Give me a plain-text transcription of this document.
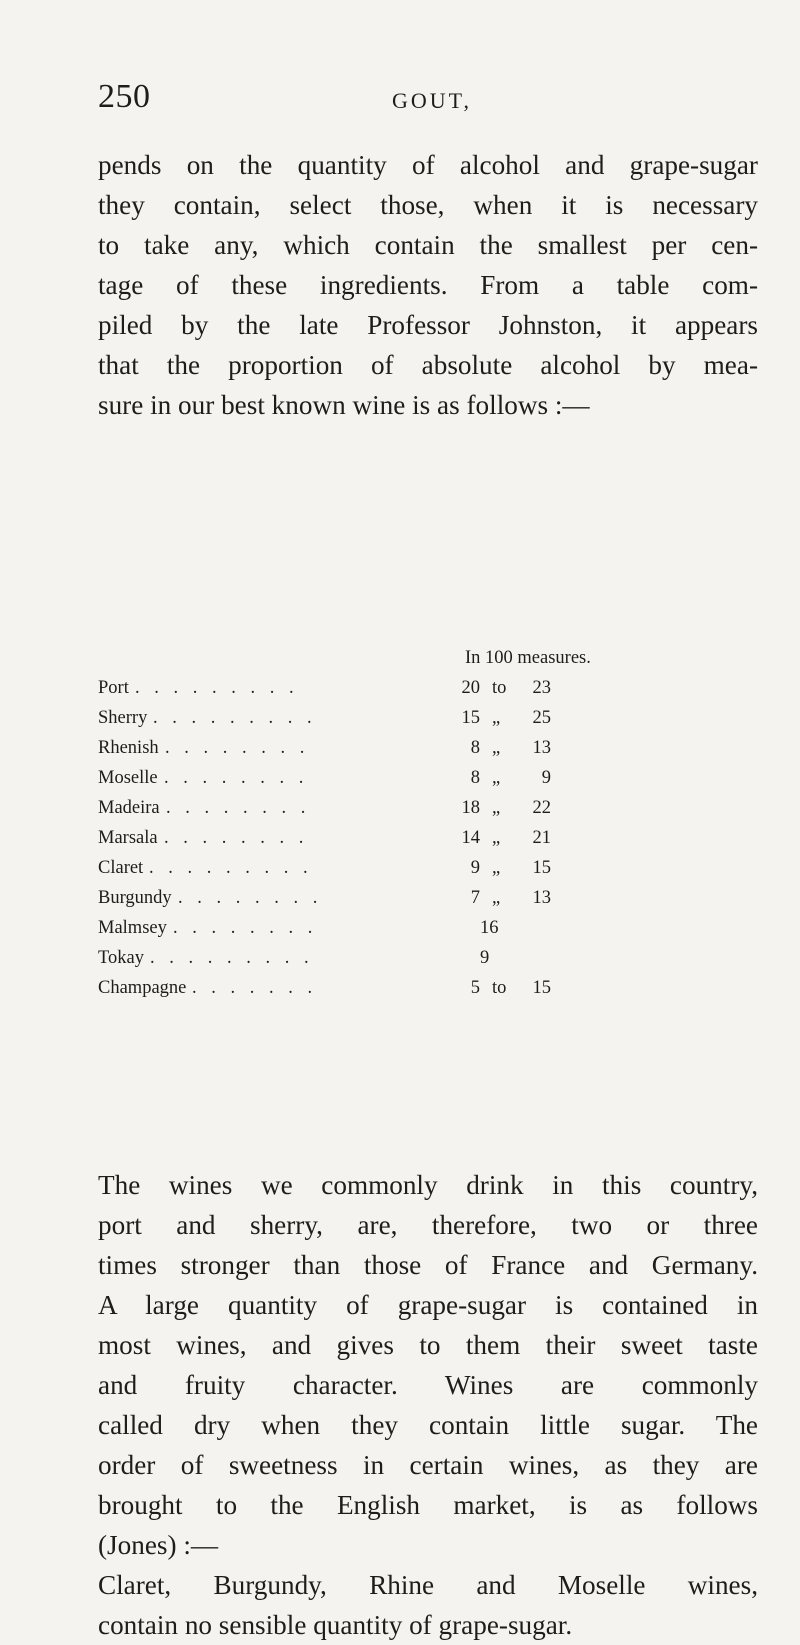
250	GOUT,

pends on the quantity of alcohol and grape-sugar
they contain, select those, when it is necessary
to take any, which contain the smallest per cen-
tage of these ingredients. From a table com-
piled by the late Professor Johnston, it appears
that the proportion of absolute alcohol by mea-
sure in our best known wine is as follows :—

In 100 measures.
Port . . . . . . . . .	20 to	23
Sherry . . . . . . . . .	15 „	25
Rhenish . . . . . . . .	8 „	13
Moselle . . . . . . . .	8 „	9
Madeira . . . . . . . .	18 „	22
Marsala . . . . . . . .	14 „	21
Claret . . . . . . . . .	9 „	15
Burgundy . . . . . . . .	7 „	13
Malmsey . . . . . . . .	16
Tokay . . . . . . . . .	9
Champagne . . . . . . .	5 to	15

The wines we commonly drink in this country,
port and sherry, are, therefore, two or three
times stronger than those of France and Germany.
A large quantity of grape-sugar is contained in
most wines, and gives to them their sweet taste
and fruity character. Wines are commonly
called dry when they contain little sugar. The
order of sweetness in certain wines, as they are
brought to the English market, is as follows
(Jones) :—

Claret, Burgundy, Rhine and Moselle wines,
contain no sensible quantity of grape-sugar.
